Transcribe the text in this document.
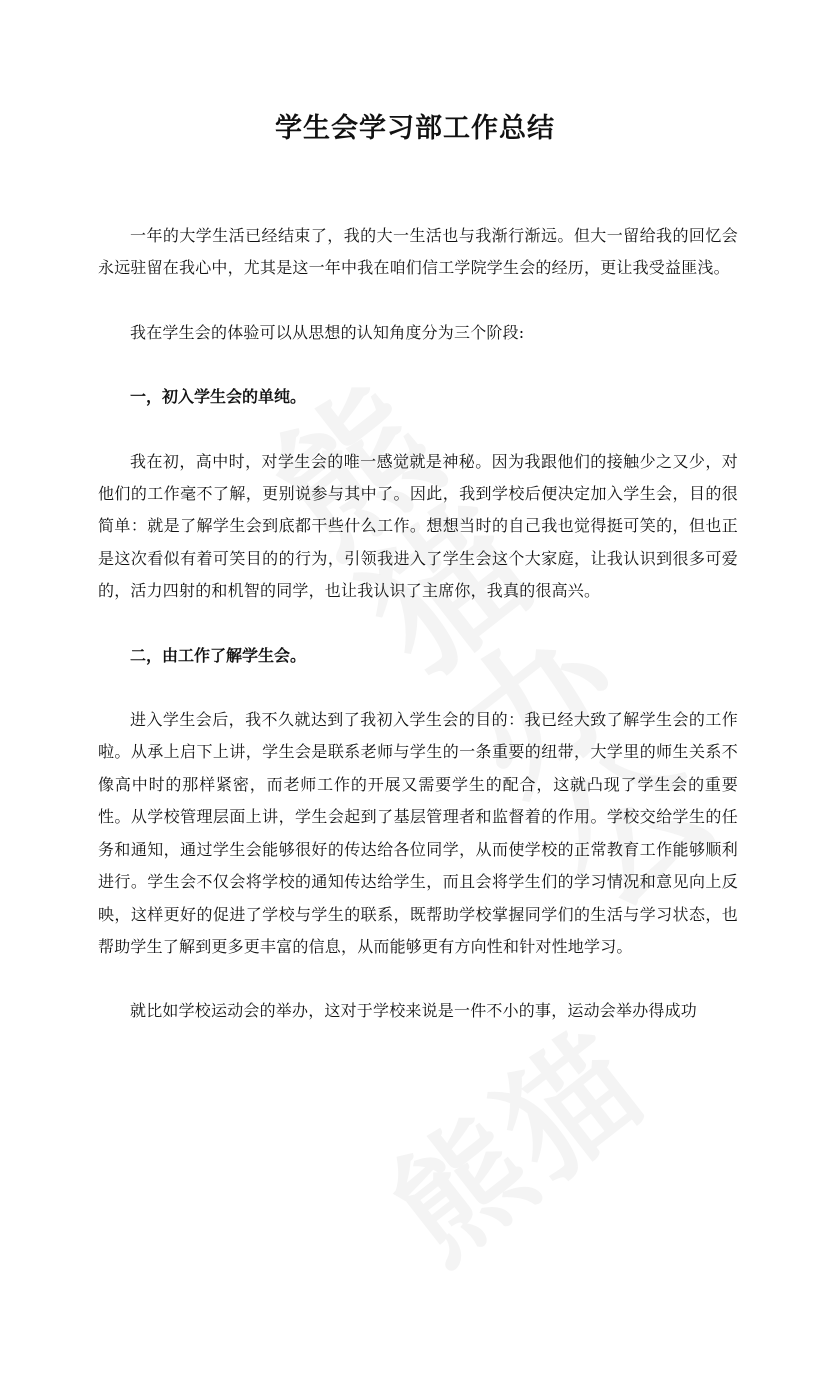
学生会学习部工作总结

一年的大学生活已经结束了，我的大一生活也与我渐行渐远。但大一留给我的回忆会永远驻留在我心中，尤其是这一年中我在咱们信工学院学生会的经历，更让我受益匪浅。

我在学生会的体验可以从思想的认知角度分为三个阶段:

一，初入学生会的单纯。

我在初，高中时，对学生会的唯一感觉就是神秘。因为我跟他们的接触少之又少，对他们的工作毫不了解，更别说参与其中了。因此，我到学校后便决定加入学生会，目的很简单：就是了解学生会到底都干些什么工作。想想当时的自己我也觉得挺可笑的，但也正是这次看似有着可笑目的的行为，引领我进入了学生会这个大家庭，让我认识到很多可爱的，活力四射的和机智的同学，也让我认识了主席你，我真的很高兴。

二，由工作了解学生会。

进入学生会后，我不久就达到了我初入学生会的目的：我已经大致了解学生会的工作啦。从承上启下上讲，学生会是联系老师与学生的一条重要的纽带，大学里的师生关系不像高中时的那样紧密，而老师工作的开展又需要学生的配合，这就凸现了学生会的重要性。从学校管理层面上讲，学生会起到了基层管理者和监督着的作用。学校交给学生的任务和通知，通过学生会能够很好的传达给各位同学，从而使学校的正常教育工作能够顺利进行。学生会不仅会将学校的通知传达给学生，而且会将学生们的学习情况和意见向上反映，这样更好的促进了学校与学生的联系，既帮助学校掌握同学们的生活与学习状态，也帮助学生了解到更多更丰富的信息，从而能够更有方向性和针对性地学习。

就比如学校运动会的举办，这对于学校来说是一件不小的事，运动会举办得成功
